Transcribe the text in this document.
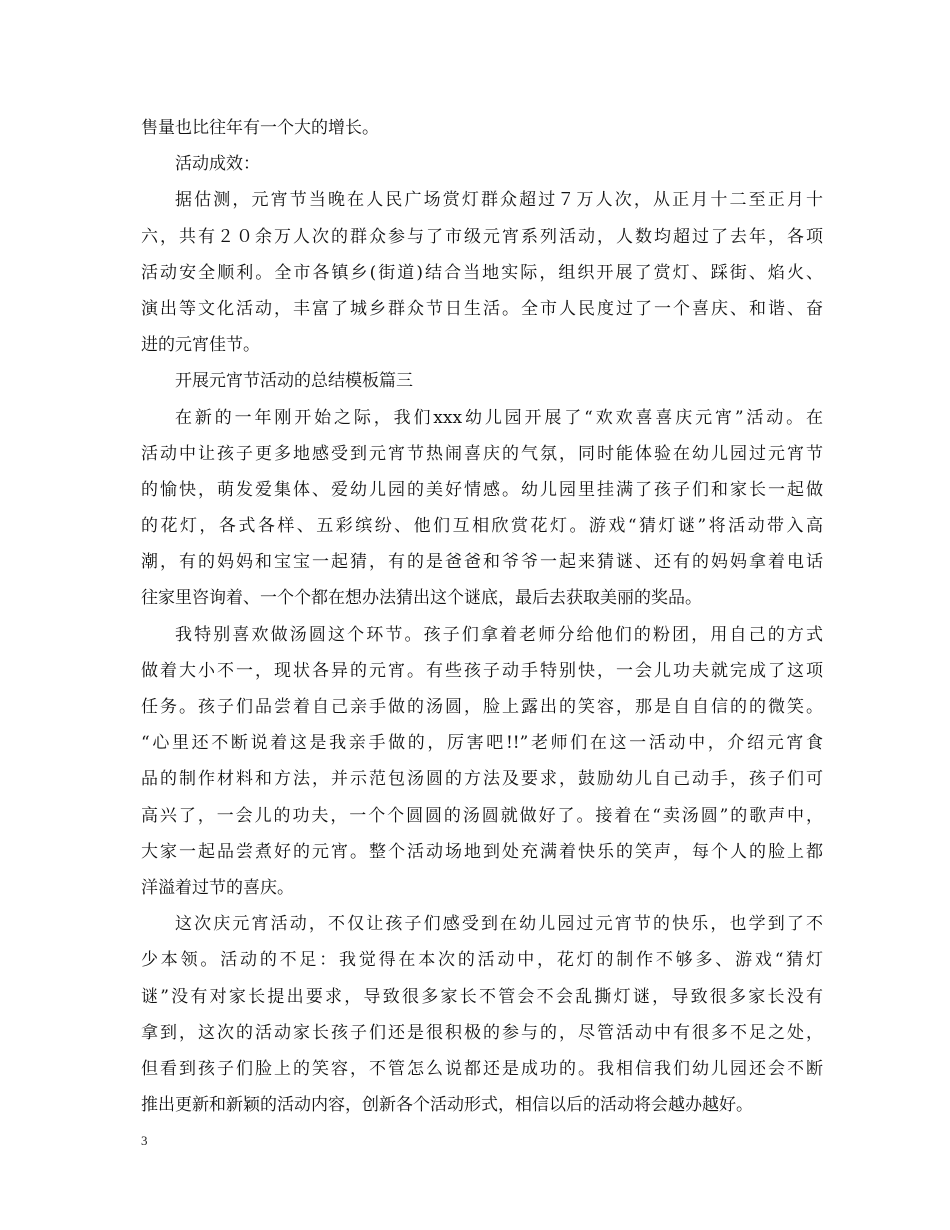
售量也比往年有一个大的增长。
活动成效：
据估测，元宵节当晚在人民广场赏灯群众超过７万人次，从正月十二至正月十
六，共有２０余万人次的群众参与了市级元宵系列活动，人数均超过了去年，各项
活动安全顺利。全市各镇乡(街道)结合当地实际，组织开展了赏灯、踩街、焰火、
演出等文化活动，丰富了城乡群众节日生活。全市人民度过了一个喜庆、和谐、奋
进的元宵佳节。
开展元宵节活动的总结模板篇三
在新的一年刚开始之际，我们xxx幼儿园开展了“欢欢喜喜庆元宵”活动。在
活动中让孩子更多地感受到元宵节热闹喜庆的气氛，同时能体验在幼儿园过元宵节
的愉快，萌发爱集体、爱幼儿园的美好情感。幼儿园里挂满了孩子们和家长一起做
的花灯，各式各样、五彩缤纷、他们互相欣赏花灯。游戏“猜灯谜”将活动带入高
潮，有的妈妈和宝宝一起猜，有的是爸爸和爷爷一起来猜谜、还有的妈妈拿着电话
往家里咨询着、一个个都在想办法猜出这个谜底，最后去获取美丽的奖品。
我特别喜欢做汤圆这个环节。孩子们拿着老师分给他们的粉团，用自己的方式
做着大小不一，现状各异的元宵。有些孩子动手特别快，一会儿功夫就完成了这项
任务。孩子们品尝着自己亲手做的汤圆，脸上露出的笑容，那是自自信的的微笑。
“心里还不断说着这是我亲手做的，厉害吧!!”老师们在这一活动中，介绍元宵食
品的制作材料和方法，并示范包汤圆的方法及要求，鼓励幼儿自己动手，孩子们可
高兴了，一会儿的功夫，一个个圆圆的汤圆就做好了。接着在“卖汤圆”的歌声中，
大家一起品尝煮好的元宵。整个活动场地到处充满着快乐的笑声，每个人的脸上都
洋溢着过节的喜庆。
这次庆元宵活动，不仅让孩子们感受到在幼儿园过元宵节的快乐，也学到了不
少本领。活动的不足：我觉得在本次的活动中，花灯的制作不够多、游戏“猜灯
谜”没有对家长提出要求，导致很多家长不管会不会乱撕灯谜，导致很多家长没有
拿到，这次的活动家长孩子们还是很积极的参与的，尽管活动中有很多不足之处，
但看到孩子们脸上的笑容，不管怎么说都还是成功的。我相信我们幼儿园还会不断
推出更新和新颖的活动内容，创新各个活动形式，相信以后的活动将会越办越好。
3
